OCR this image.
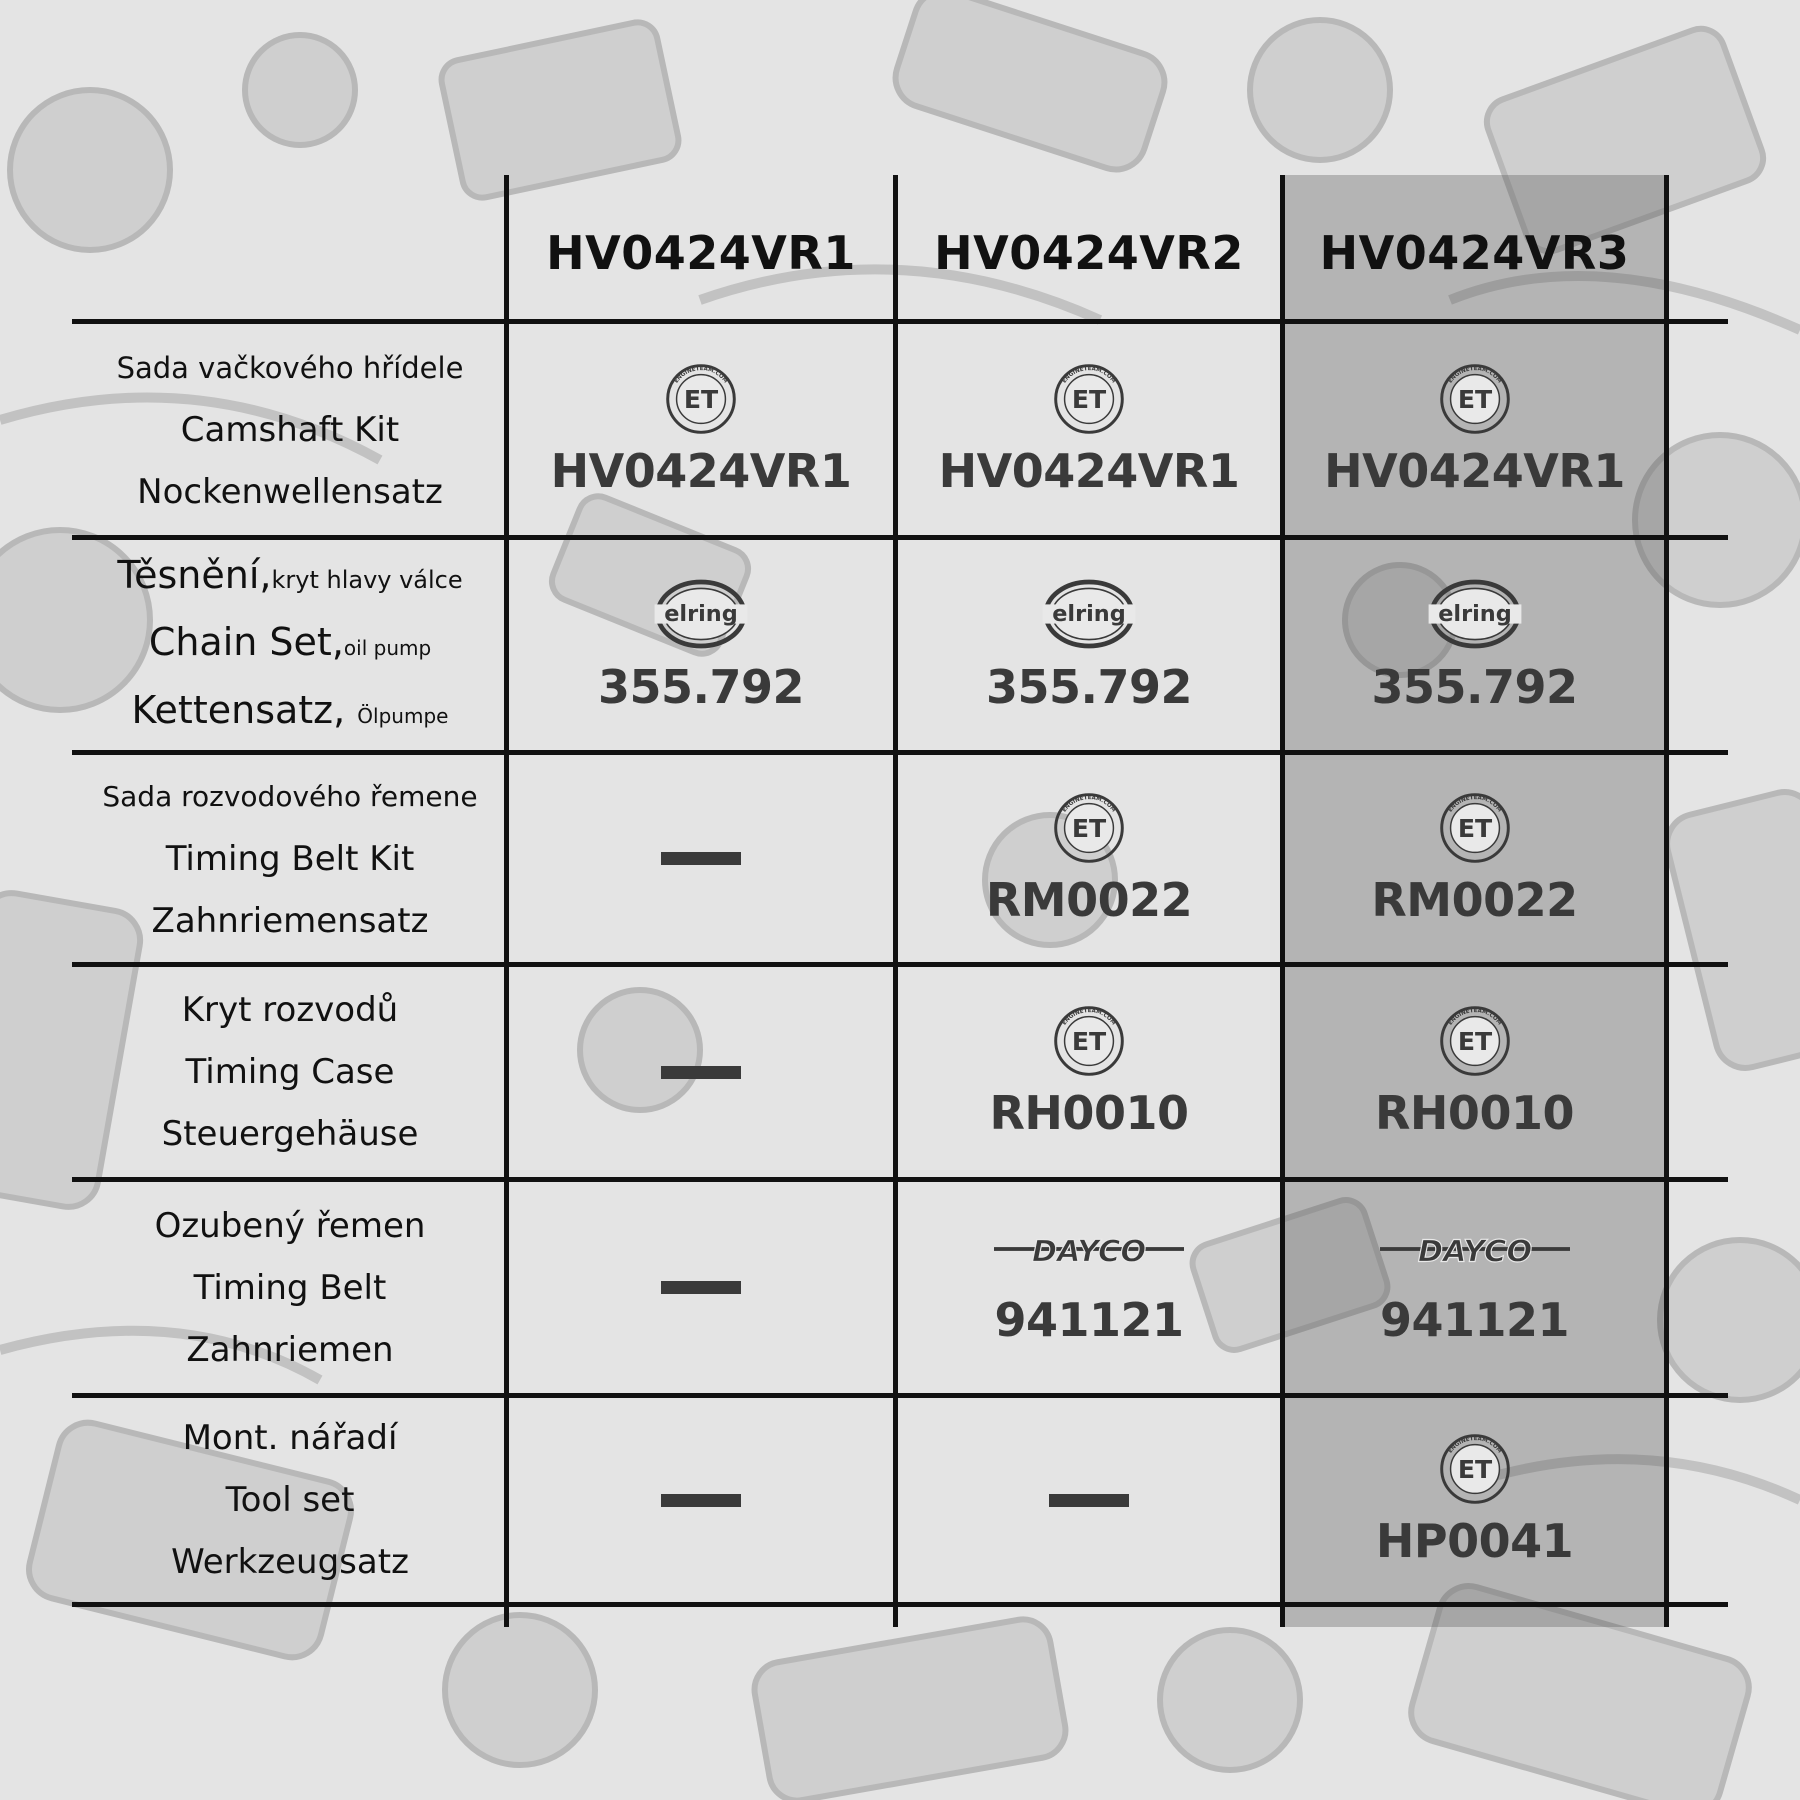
HV0424VR1	HV0424VR2	HV0424VR3
Sada vačkového hřídele
Camshaft Kit
Nockenwellensatz
Těsnění,kryt hlavy válce
Chain Set,oil pump
Kettensatz, Ölpumpe
Sada rozvodového řemene
Timing Belt Kit
Zahnriemensatz
Kryt rozvodů
Timing Case
Steuergehäuse
Ozubený řemen
Timing Belt
Zahnriemen
Mont. nářadí
Tool set
Werkzeugsatz
ENGINETEAM.COM
ET
HV0424VR1
ENGINETEAM.COM
ET
HV0424VR1
ENGINETEAM.COM
ET
HV0424VR1
elring
355.792
elring
355.792
elring
355.792
ENGINETEAM.COM
ET
RM0022
ENGINETEAM.COM
ET
RM0022
ENGINETEAM.COM
ET
RH0010
ENGINETEAM.COM
ET
RH0010
DAYCO
941121
DAYCO
941121
ENGINETEAM.COM
ET
HP0041
